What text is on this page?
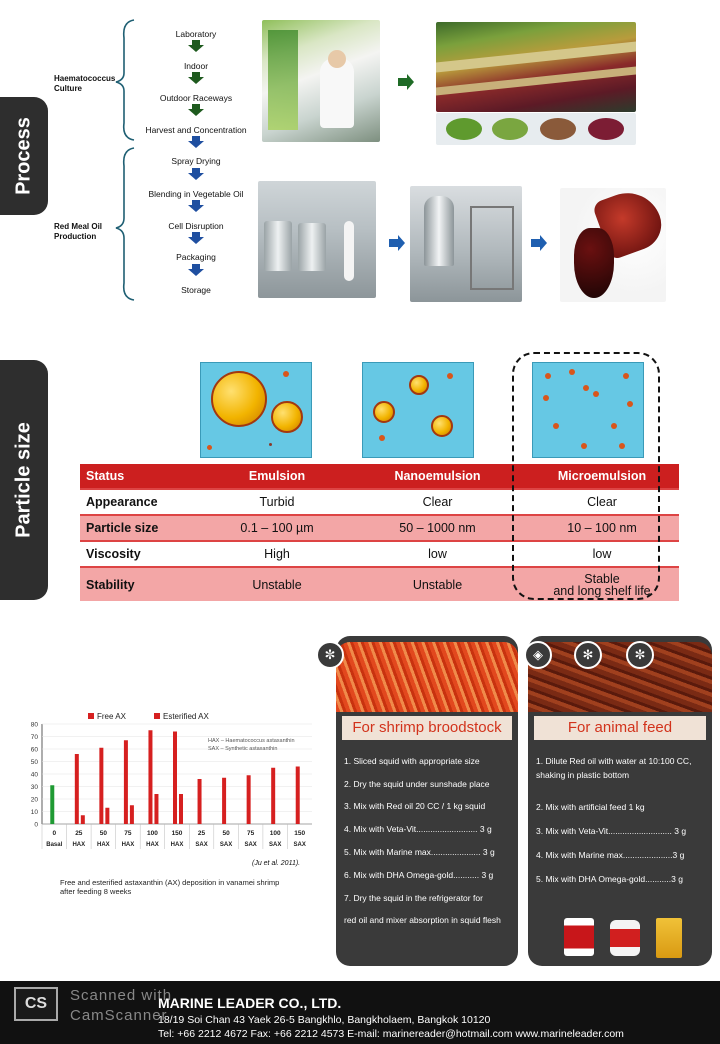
Process
Haematococcus Culture
Red Meal Oil Production
Laboratory
Indoor
Outdoor Raceways
Harvest and Concentration
Spray Drying
Blending in Vegetable Oil
Cell Disruption
Packaging
Storage
Particle size	Status	Emulsion	Nanoemulsion	Microemulsion
Appearance	Turbid	Clear	Clear
Particle size	0.1 – 100 µm	50 – 1000 nm	10 – 100 nm
Viscosity	High	low	low
Stability	Unstable	Unstable	Stable
and long shelf life
0
10
20
30
40
50
60
70
80
Free AX	Esterified AX
HAX – Haematococcus astaxanthin
SAX – Synthetic astaxanthin
0
Basal
25
HAX
50
HAX
75
HAX
100
HAX
150
HAX
25
SAX
50
SAX
75
SAX
100
SAX
150
SAX
(Ju et al. 2011).
Free and esterified astaxanthin (AX) deposition in vanamei shrimp after feeding 8 weeks
For shrimp broodstock
1. Sliced squid with appropriate size
2. Dry the squid under sunshade place
3. Mix with Red oil 20 CC / 1 kg squid
4. Mix with Veta-Vit.......................... 3 g
5. Mix with Marine max..................... 3 g
6. Mix with DHA Omega-gold........... 3 g
7. Dry the squid in the refrigerator for
red oil and mixer absorption in squid flesh
✼
For animal feed
1. Dilute Red oil with water at 10:100 CC,
shaking in plastic bottom
2. Mix with artificial feed 1 kg
3. Mix with Veta-Vit........................... 3 g
4. Mix with Marine max.....................3 g
5. Mix with DHA Omega-gold...........3 g
◈	✻	✼
CS	Scanned with
CamScanner
MARINE LEADER CO., LTD.
18/19 Soi Chan 43 Yaek 26-5 Bangkhlo, Bangkholaem, Bangkok 10120
Tel: +66 2212 4672 Fax: +66 2212 4573 E-mail: marinereader@hotmail.com www.marineleader.com
